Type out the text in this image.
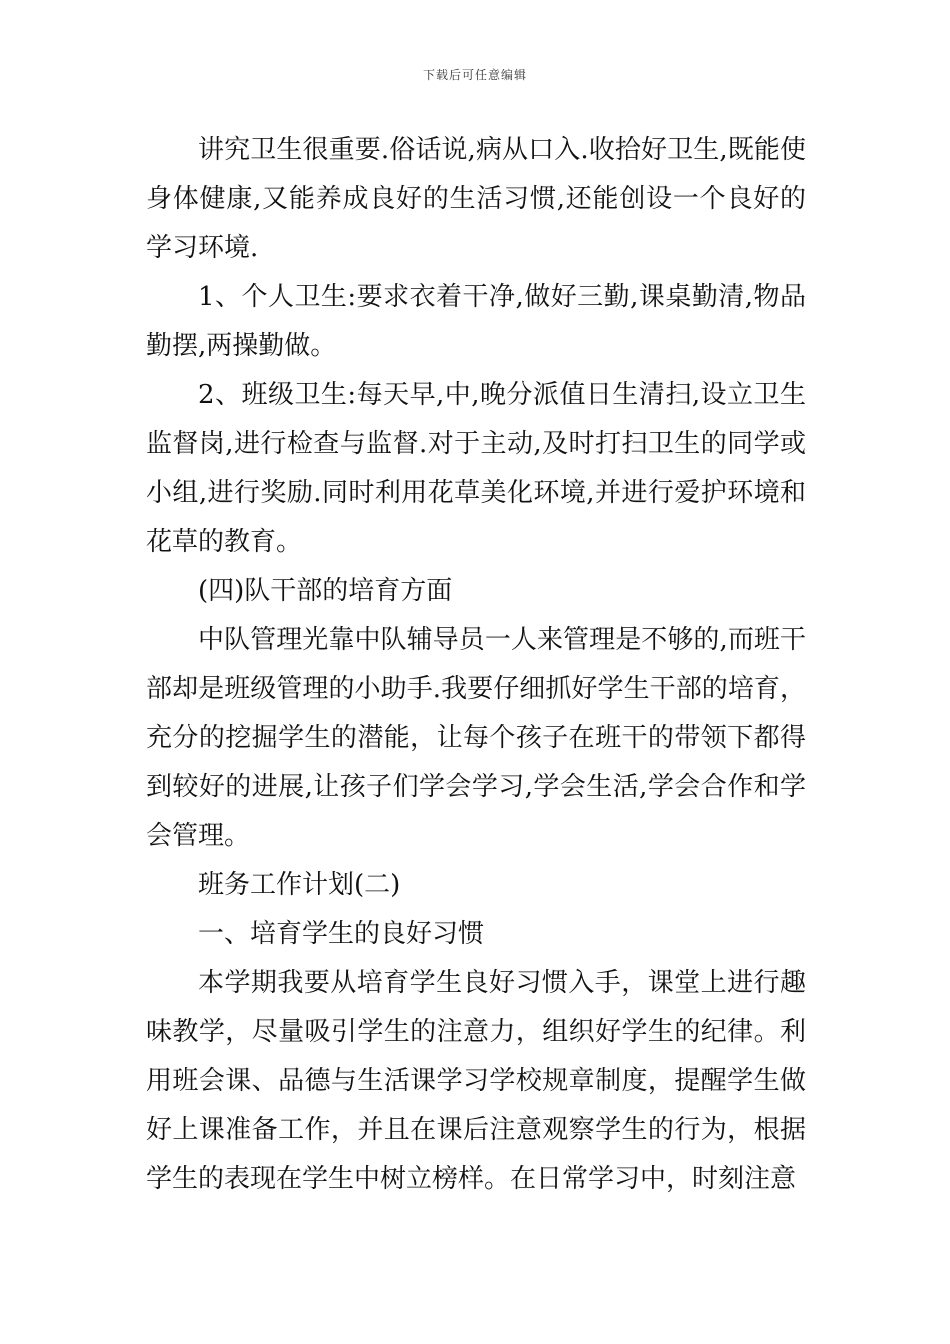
下载后可任意编辑

讲究卫生很重要.俗话说,病从口入.收拾好卫生,既能使身体健康,又能养成良好的生活习惯,还能创设一个良好的学习环境.

1、个人卫生:要求衣着干净,做好三勤,课桌勤清,物品勤摆,两操勤做。

2、班级卫生:每天早,中,晚分派值日生清扫,设立卫生监督岗,进行检查与监督.对于主动,及时打扫卫生的同学或小组,进行奖励.同时利用花草美化环境,并进行爱护环境和花草的教育。

(四)队干部的培育方面

中队管理光靠中队辅导员一人来管理是不够的,而班干部却是班级管理的小助手.我要仔细抓好学生干部的培育，充分的挖掘学生的潜能，让每个孩子在班干的带领下都得到较好的进展,让孩子们学会学习,学会生活,学会合作和学会管理。

班务工作计划(二)

一、培育学生的良好习惯

本学期我要从培育学生良好习惯入手，课堂上进行趣味教学，尽量吸引学生的注意力，组织好学生的纪律。利用班会课、品德与生活课学习学校规章制度，提醒学生做好上课准备工作，并且在课后注意观察学生的行为，根据学生的表现在学生中树立榜样。在日常学习中，时刻注意
